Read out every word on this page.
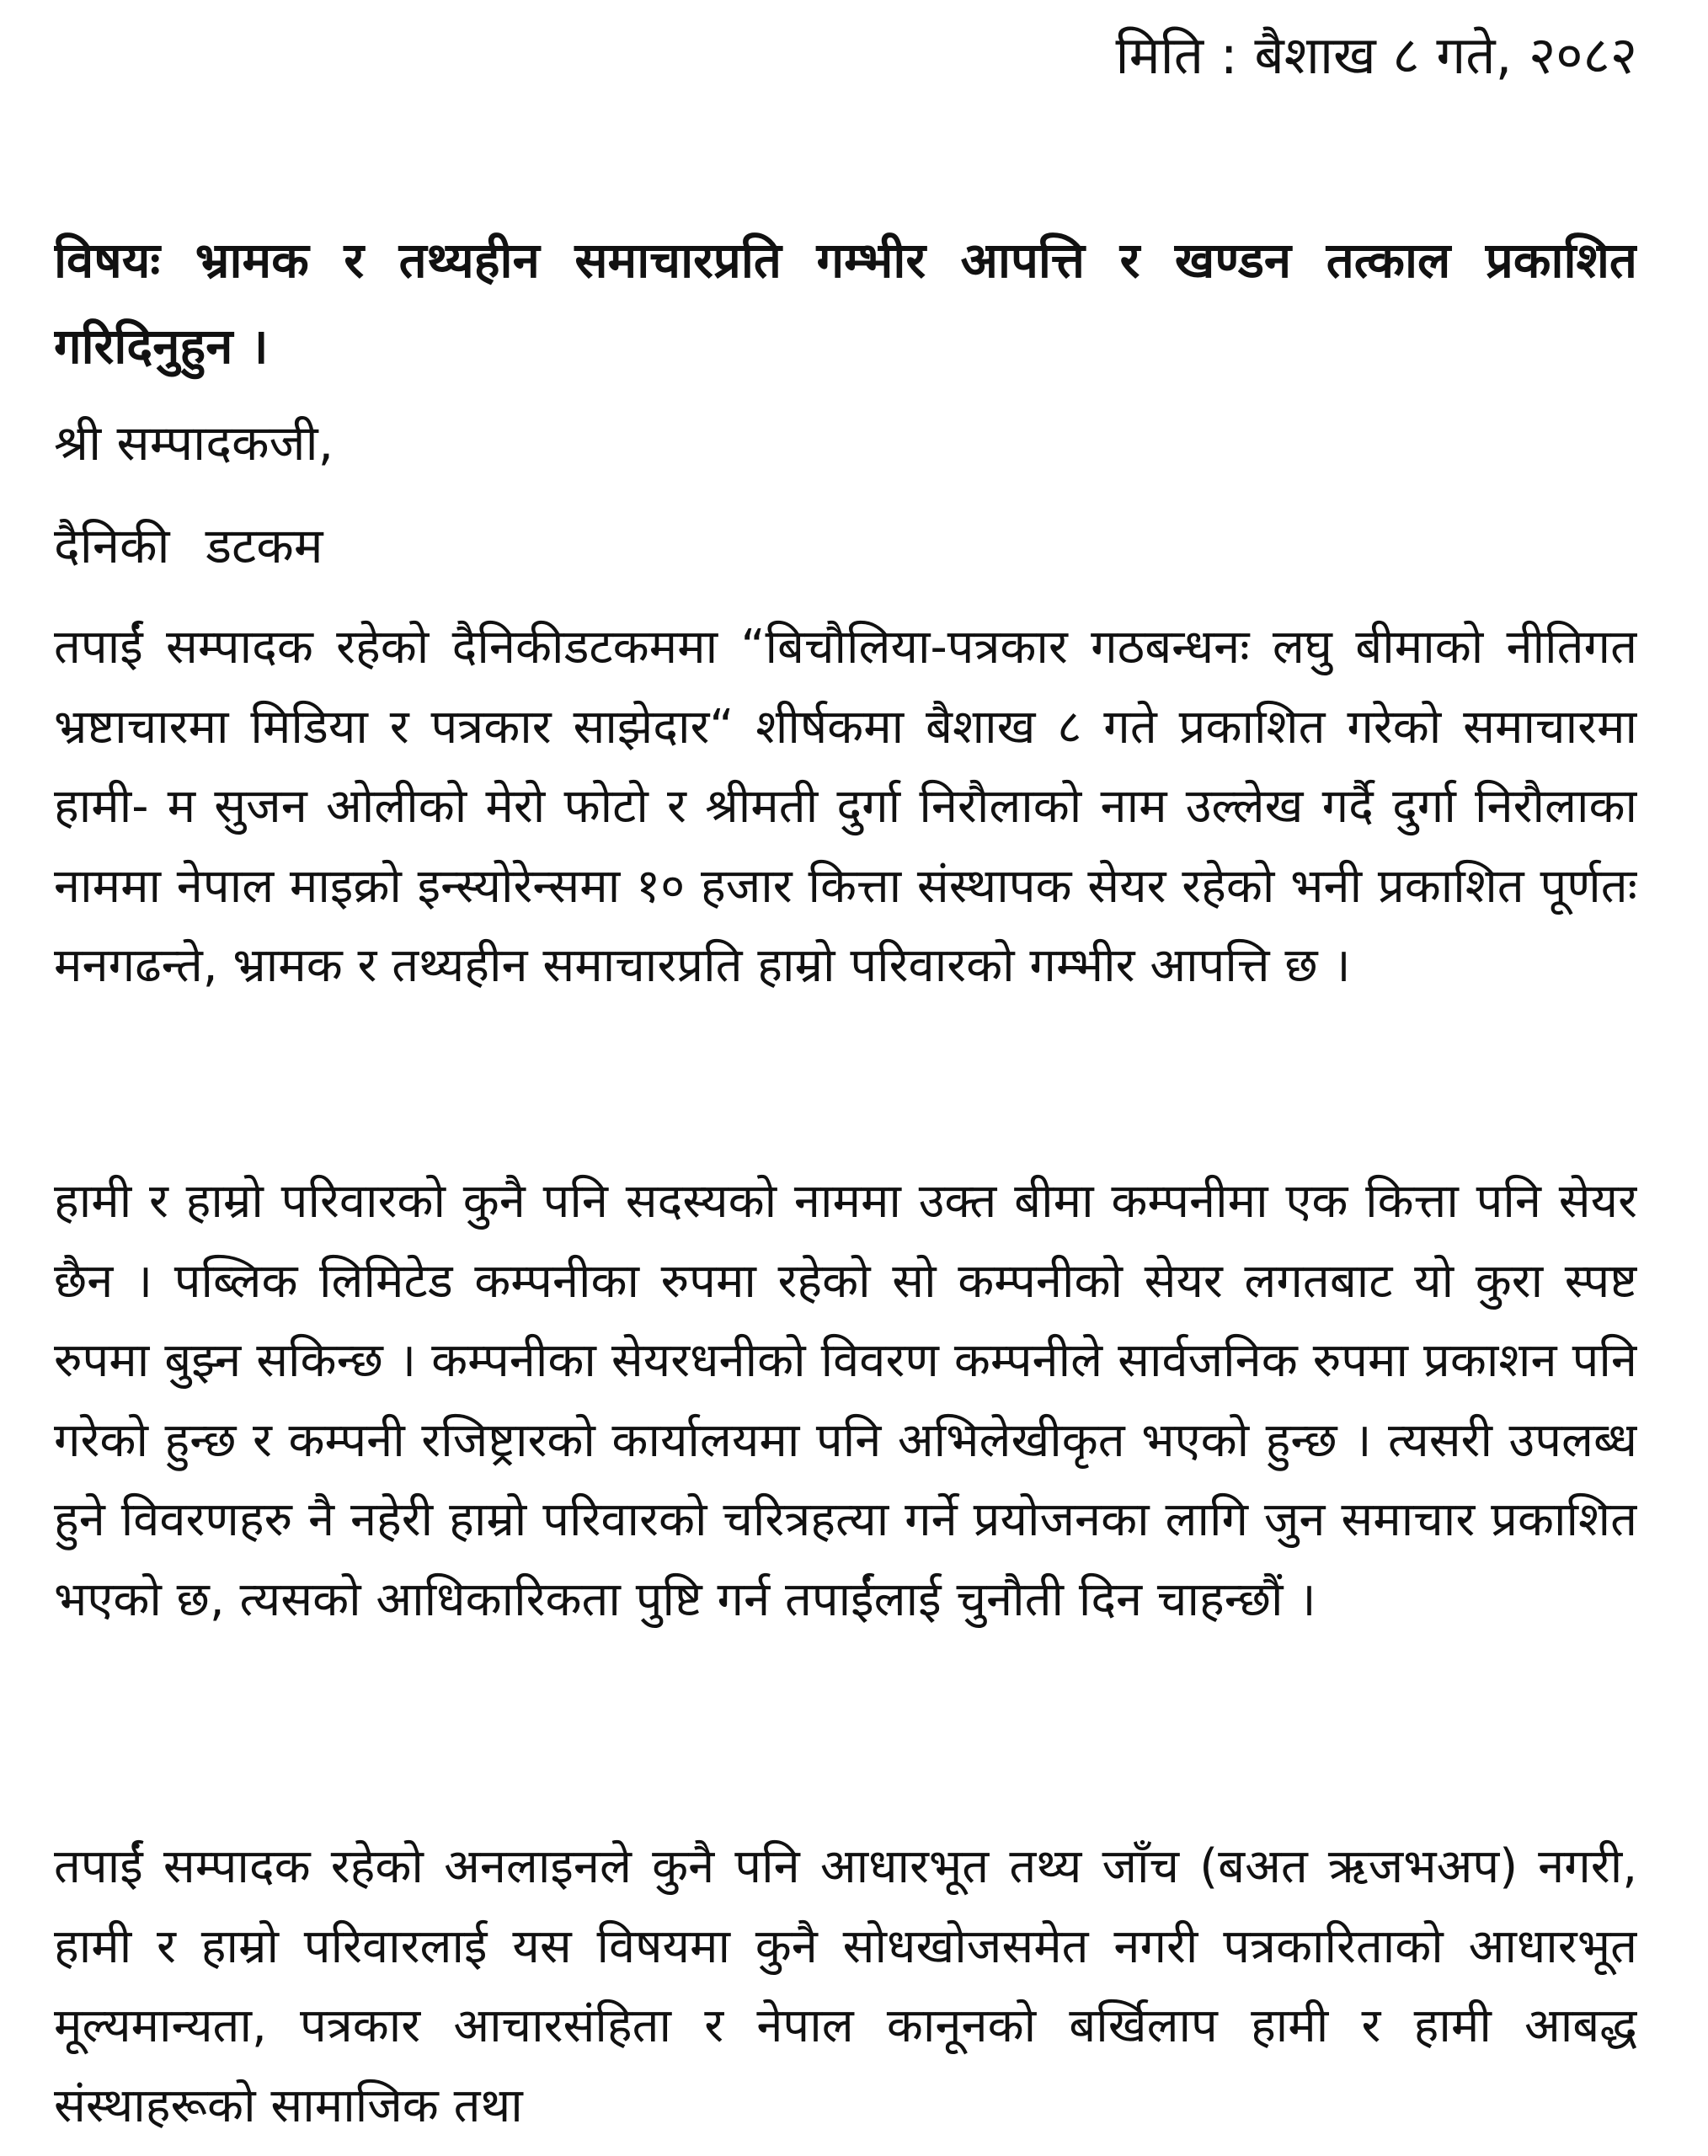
मिति : बैशाख ८ गते, २०८२

विषयः भ्रामक र तथ्यहीन समाचारप्रति गम्भीर आपत्ति र खण्डन तत्काल प्रकाशित गरिदिनुहुन ।

श्री सम्पादकजी,

दैनिकी डटकम

तपाईं सम्पादक रहेको दैनिकीडटकममा “बिचौलिया-पत्रकार गठबन्धनः लघु बीमाको नीतिगत भ्रष्टाचारमा मिडिया र पत्रकार साझेदार“ शीर्षकमा बैशाख ८ गते प्रकाशित गरेको समाचारमा हामी- म सुजन ओलीको मेरो फोटो र श्रीमती दुर्गा निरौलाको नाम उल्लेख गर्दै दुर्गा निरौलाका नाममा नेपाल माइक्रो इन्स्योरेन्समा १० हजार कित्ता संस्थापक सेयर रहेको भनी प्रकाशित पूर्णतः मनगढन्ते, भ्रामक र तथ्यहीन समाचारप्रति हाम्रो परिवारको गम्भीर आपत्ति छ ।

हामी र हाम्रो परिवारको कुनै पनि सदस्यको नाममा उक्त बीमा कम्पनीमा एक कित्ता पनि सेयर छैन । पब्लिक लिमिटेड कम्पनीका रुपमा रहेको सो कम्पनीको सेयर लगतबाट यो कुरा स्पष्ट रुपमा बुझ्न सकिन्छ । कम्पनीका सेयरधनीको विवरण कम्पनीले सार्वजनिक रुपमा प्रकाशन पनि गरेको हुन्छ र कम्पनी रजिष्ट्रारको कार्यालयमा पनि अभिलेखीकृत भएको हुन्छ । त्यसरी उपलब्ध हुने विवरणहरु नै नहेरी हाम्रो परिवारको चरित्रहत्या गर्ने प्रयोजनका लागि जुन समाचार प्रकाशित भएको छ, त्यसको आधिकारिकता पुष्टि गर्न तपाईंलाई चुनौती दिन चाहन्छौं ।

तपाईं सम्पादक रहेको अनलाइनले कुनै पनि आधारभूत तथ्य जाँच (बअत ऋजभअप) नगरी, हामी र हाम्रो परिवारलाई यस विषयमा कुनै सोधखोजसमेत नगरी पत्रकारिताको आधारभूत मूल्यमान्यता, पत्रकार आचारसंहिता र नेपाल कानूनको बर्खिलाप हामी र हामी आबद्ध संस्थाहरूको सामाजिक तथा
